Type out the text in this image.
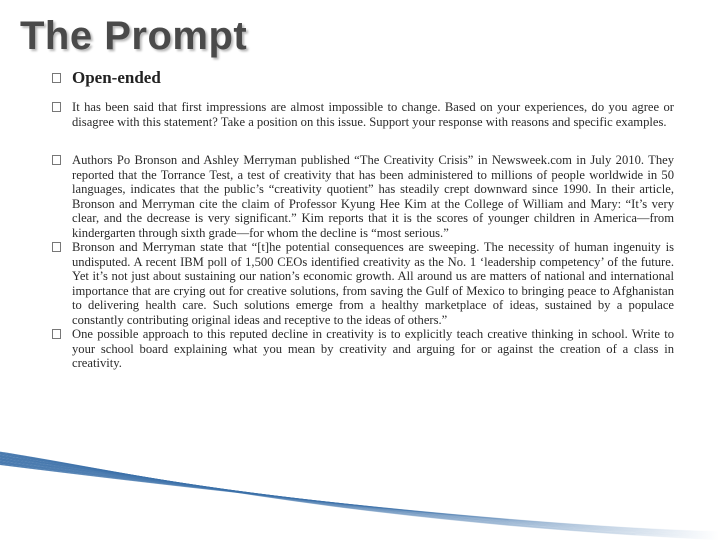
The Prompt
Open-ended
It has been said that first impressions are almost impossible to change. Based on your experiences, do you agree or disagree with this statement? Take a position on this issue. Support your response with reasons and specific examples.
Authors Po Bronson and Ashley Merryman published “The Creativity Crisis” in Newsweek.com in July 2010. They reported that the Torrance Test, a test of creativity that has been administered to millions of people worldwide in 50 languages, indicates that the public’s “creativity quotient” has steadily crept downward since 1990. In their article, Bronson and Merryman cite the claim of Professor Kyung Hee Kim at the College of William and Mary: “It’s very clear, and the decrease is very significant.” Kim reports that it is the scores of younger children in America—from kindergarten through sixth grade—for whom the decline is “most serious.”
Bronson and Merryman state that “[t]he potential consequences are sweeping. The necessity of human ingenuity is undisputed. A recent IBM poll of 1,500 CEOs identified creativity as the No. 1 ‘leadership competency’ of the future. Yet it’s not just about sustaining our nation’s economic growth. All around us are matters of national and international importance that are crying out for creative solutions, from saving the Gulf of Mexico to bringing peace to Afghanistan to delivering health care. Such solutions emerge from a healthy marketplace of ideas, sustained by a populace constantly contributing original ideas and receptive to the ideas of others.”
One possible approach to this reputed decline in creativity is to explicitly teach creative thinking in school. Write to your school board explaining what you mean by creativity and arguing for or against the creation of a class in creativity.
